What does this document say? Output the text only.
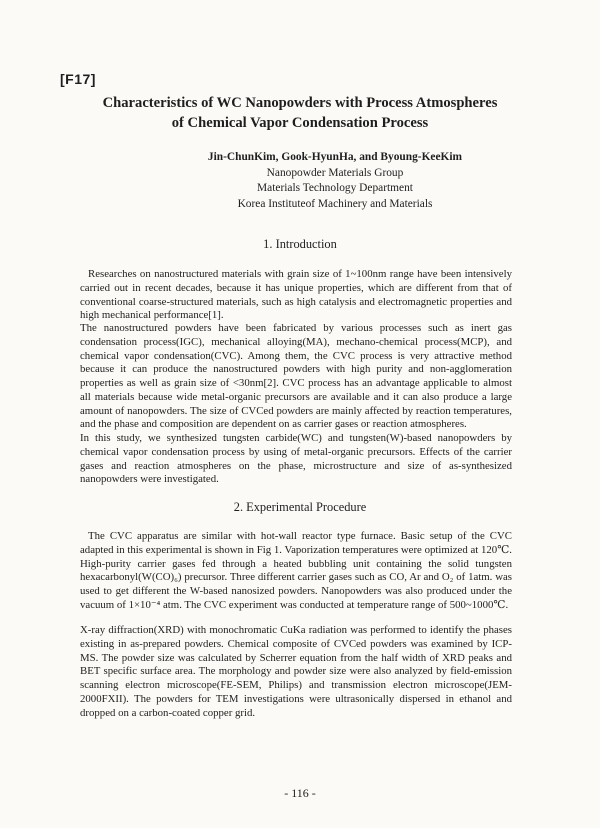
[F17]
Characteristics of WC Nanopowders with Process Atmospheres
of Chemical Vapor Condensation Process
Jin-ChunKim, Gook-HyunHa, and Byoung-KeeKim
Nanopowder Materials Group
Materials Technology Department
Korea Instituteof Machinery and Materials
1. Introduction

Researches on nanostructured materials with grain size of 1~100nm range have been intensively carried out in recent decades, because it has unique properties, which are different from that of conventional coarse-structured materials, such as high catalysis and electromagnetic properties and high mechanical performance[1].

The nanostructured powders have been fabricated by various processes such as inert gas condensation process(IGC), mechanical alloying(MA), mechano-chemical process(MCP), and chemical vapor condensation(CVC). Among them, the CVC process is very attractive method because it can produce the nanostructured powders with high purity and non-agglomeration properties as well as grain size of <30nm[2]. CVC process has an advantage applicable to almost all materials because wide metal-organic precursors are available and it can also produce a large amount of nanopowders. The size of CVCed powders are mainly affected by reaction temperatures, and the phase and composition are dependent on as carrier gases or reaction atmospheres.

In this study, we synthesized tungsten carbide(WC) and tungsten(W)-based nanopowders by chemical vapor condensation process by using of metal-organic precursors. Effects of the carrier gases and reaction atmospheres on the phase, microstructure and size of as-synthesized nanopowders were investigated.

2. Experimental Procedure

The CVC apparatus are similar with hot-wall reactor type furnace. Basic setup of the CVC adapted in this experimental is shown in Fig 1. Vaporization temperatures were optimized at 120℃. High-purity carrier gases fed through a heated bubbling unit containing the solid tungsten hexacarbonyl(W(CO)₆) precursor. Three different carrier gases such as CO, Ar and O₂ of 1atm. was used to get different the W-based nanosized powders. Nanopowders was also produced under the vacuum of 1×10⁻⁴ atm. The CVC experiment was conducted at temperature range of 500~1000℃.

X-ray diffraction(XRD) with monochromatic CuKa radiation was performed to identify the phases existing in as-prepared powders. Chemical composite of CVCed powders was examined by ICP-MS. The powder size was calculated by Scherrer equation from the half width of XRD peaks and BET specific surface area. The morphology and powder size were also analyzed by field-emission scanning electron microscope(FE-SEM, Philips) and transmission electron microscope(JEM-2000FXII). The powders for TEM investigations were ultrasonically dispersed in ethanol and dropped on a carbon-coated copper grid.

- 116 -
